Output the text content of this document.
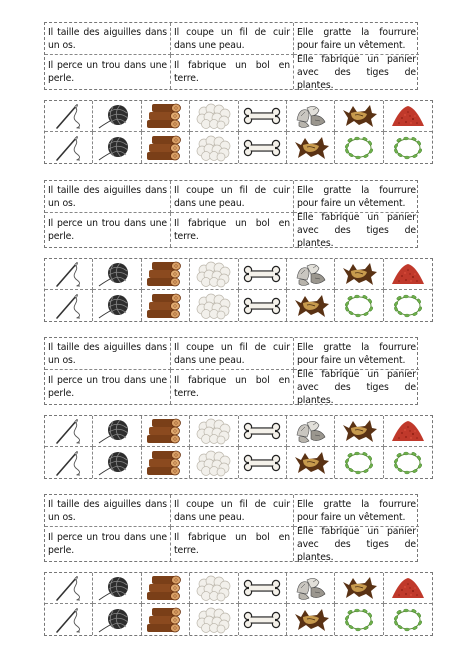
Il taille des aiguilles dans un os.
Il coupe un fil de cuir dans une peau.
Elle gratte la fourrure pour faire un vêtement.
Il perce un trou dans une perle.
Il fabrique un bol en terre.
Elle fabrique un panier avec des tiges de plantes.
Il taille des aiguilles dans un os.
Il coupe un fil de cuir dans une peau.
Elle gratte la fourrure pour faire un vêtement.
Il perce un trou dans une perle.
Il fabrique un bol en terre.
Elle fabrique un panier avec des tiges de plantes.
Il taille des aiguilles dans un os.
Il coupe un fil de cuir dans une peau.
Elle gratte la fourrure pour faire un vêtement.
Il perce un trou dans une perle.
Il fabrique un bol en terre.
Elle fabrique un panier avec des tiges de plantes.
Il taille des aiguilles dans un os.
Il coupe un fil de cuir dans une peau.
Elle gratte la fourrure pour faire un vêtement.
Il perce un trou dans une perle.
Il fabrique un bol en terre.
Elle fabrique un panier avec des tiges de plantes.
